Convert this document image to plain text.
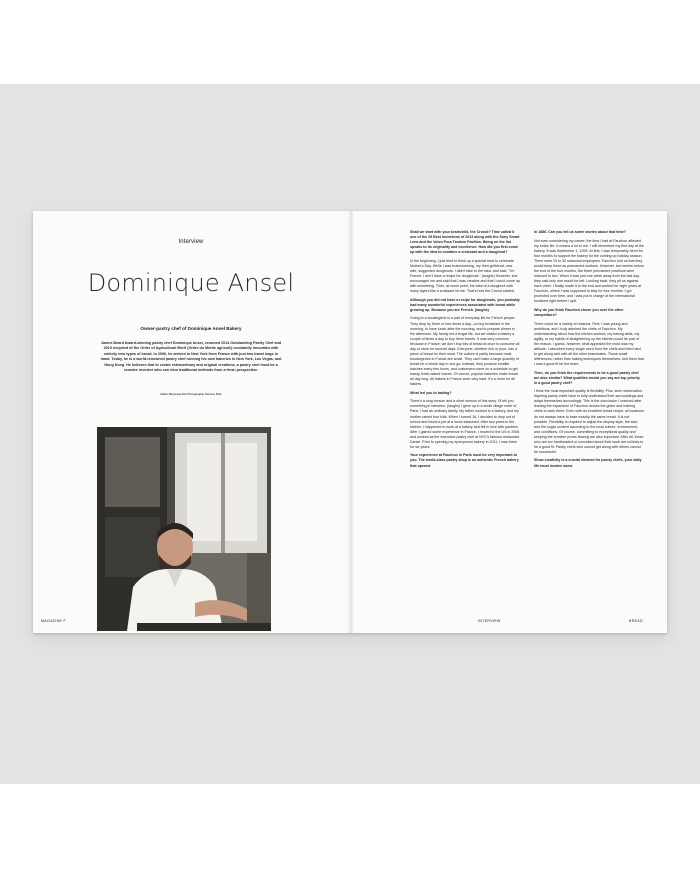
Interview
Dominique Ansel
Owner-pastry chef of Dominique Ansel Bakery
James Beard Award-winning pastry chef Dominique Ansel, crowned 2014 Outstanding Pastry Chef and 2015 recipient of the Order of Agricultural Merit (Ordre du Mérite agricole) constantly innovates with entirely new types of bread. In 2006, he arrived in New York from France with just two travel bags in hand. Today, he is a world-renowned pastry chef running his own bakeries in New York, Las Vegas, and Hong Kong. He believes that to create extraordinary and original creations, a pastry chef must be a creative investor who can view traditional methods from a fresh perspective.
Editor Minyoung Kim Photographer Sunwoo Park
MAGAZINE F

Shall we start with your brainchild, the Cronut? Time called it one of the 25 Best Inventions of 2013 along with the Sony Smart Lens and the Volvo Pura Tandem Pavilion. Being on the list speaks to its originality and excellence. How did you first come up with the idea to combine a croissant and a doughnut?

In the beginning, I just tried to think up a special treat to celebrate Mother's Day. While I was brainstorming, my then-girlfriend, now wife, suggested doughnuts. I didn't take to the idea, and said, "I'm French. I don't have a recipe for doughnuts." (laughs) However, she encouraged me and said that I was creative and that I could come up with something. Then, at some point, the idea of a doughnut with many layers like a croissant hit me. That's how the Cronut started.

Although you did not have a recipe for doughnuts, you probably had many wonderful experiences associated with bread while growing up. Because you are French. (laughs)

Going to a boulangerie is a part of everyday life for French people. They drop by three or four times a day—to buy breakfast in the morning, to have lunch after the morning, and to prepare dinner in the afternoon. My family led a frugal life, but we visited a bakery a couple of times a day to buy fresh loaves. It was very common because in France, we don't buy lots of bread at once to consume all day or store for several days. Everyone, whether rich or poor, has a piece of bread for their meal. The culture is partly because most boulangeries in France are small. They can't bake a large quantity of bread for a whole day in one go. Instead, they produce smaller batches every few hours, and customers come on a schedule to get toasty, fresh-baked loaves. Of course, popular bakeries make bread all day long. All bakers in France work very hard. It's a norm for all bakers.

What led you to baking?

There's a long version and a short version of this story. I'll tell you something in between. (laughs) I grew up in a small village north of Paris. I had an ordinary family. My father worked in a factory, and my mother raised four kids. When I turned 16, I decided to drop out of school and found a job at a local restaurant. After two years in the kitchen, I happened to work at a bakery and fell in love with pastries. After I gained some experience in France, I moved to the US in 2006 and worked as the executive pastry chef at NYC's famous restaurant Daniel. Prior to opening my eponymous bakery in 2011, I was there for six years.

Your experience at Fauchon in Paris must be very important to you. The world-class pastry shop is an authentic French bakery that opened

in 1886. Can you tell us some stories about that time?

Not even considering my career, the time I had at Fauchon affected my entire life. It means a lot to me. I still remember my first day at the bakery. It was September 1, 1999. At first, I was temporarily hired for four months to support the bakery for the coming up holiday season. There were 25 to 30 seasonal employees. Fauchon told us that they would keep three as permanent workers. However, two weeks before the end of the four months, the three permanent positions were reduced to two. When it was just one week away from the last day, they said only one would be left. Looking back, they pit us against each other. I finally made it to the end and worked for eight years at Fauchon, where I was supposed to stay for four months. I got promoted over time, and I was put in charge of the international locations right before I quit.

Why do you think Fauchon chose you over the other competitors?

There could be a variety of reasons. First, I was young and ambitious, and I truly admired the chefs of Fauchon. My understanding about how the kitchen worked, my baking skills, my agility, or my habits of straightening up the kitchen could be part of the reason. I guess, however, what appealed the most was my attitude. I absorbed every single word from the chefs and tried hard to get along well with all the other teammates. Those small differences, rather than baking techniques themselves, told them that I was a good fit for the team.

Then, do you think the requirements to be a good pastry chef are also similar? What qualities would you say are top priority in a good pastry chef?

I think the most important quality is flexibility. Plus, keen observation. Aspiring pastry chefs have to fully understand their surroundings and adapt themselves accordingly. This is the conclusion I reached after leading the expansion of Fauchon across the globe and training chefs to work there. Even with an excellent bread recipe, all locations do not always have to bake exactly the same bread. It is not possible. Flexibility is required to adjust the display style, the size, and the sugar content according to the local culture, environment, and conditions. Of course, committing to exceptional quality and keeping the creative prows flowing are also important. After all, those who are too hardheaded or conceited about their work are unlikely to be a good fit. Pastry chefs who cannot get along with others cannot be successful.

Show creativity is a crucial element for pastry chefs, your daily life must involve some

INTERVIEW	BREAD
